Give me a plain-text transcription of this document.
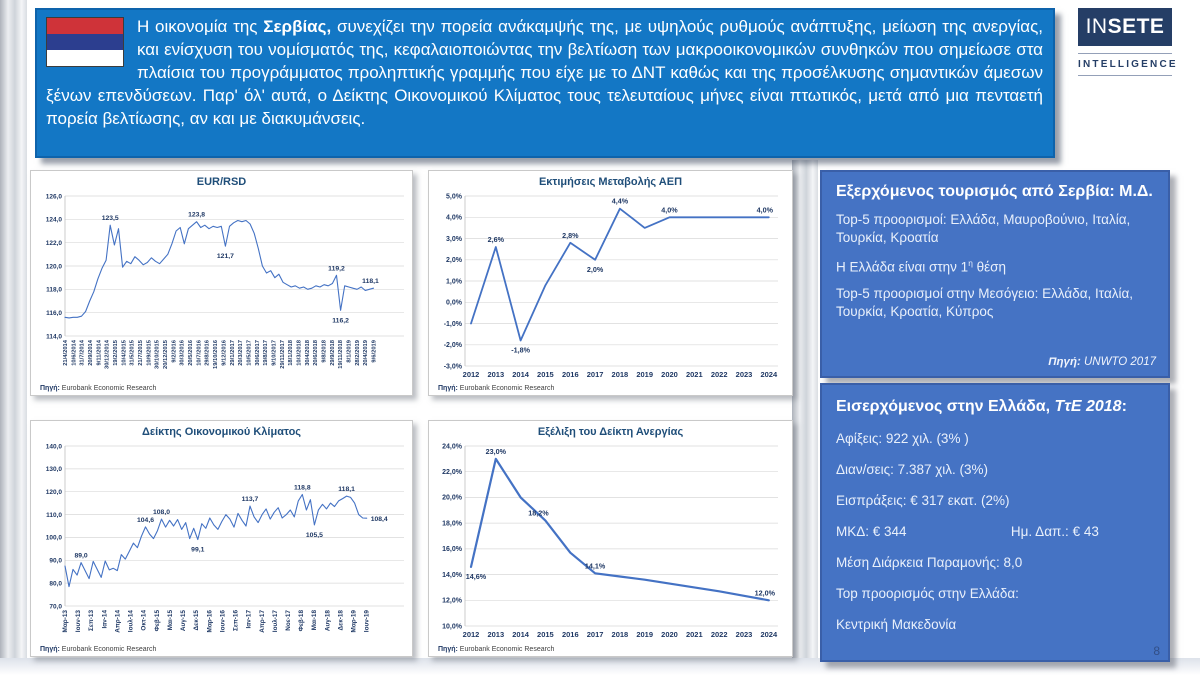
Η οικονομία της Σερβίας, συνεχίζει την πορεία ανάκαμψής της, με υψηλούς ρυθμούς ανάπτυξης, μείωση της ανεργίας, και ενίσχυση του νομίσματός της, κεφαλαιοποιώντας την βελτίωση των μακροοικονομικών συνθηκών που σημείωσε στα πλαίσια του προγράμματος προληπτικής γραμμής που είχε με το ΔΝΤ καθώς και της προσέλκυσης σημαντικών άμεσων ξένων επενδύσεων. Παρ' όλ' αυτά, ο Δείκτης Οικονομικού Κλίματος τους τελευταίους μήνες είναι πτωτικός, μετά από μια πενταετή πορεία βελτίωσης, αν και με διακυμάνσεις.

INSETE
INTELLIGENCE
EUR/RSD
126,0
124,0
122,0
120,0
118,0
116,0
114,0
21/4/2014 10/6/2014 31/7/2014 20/9/2014 9/11/2014 30/12/2014 19/2/2015 10/4/2015 31/5/2015 21/7/2015 10/9/2015 30/10/2015 20/12/2015 9/2/2016 30/3/2016 20/5/2016 10/7/2016 29/8/2016 19/10/2016 9/12/2016 29/1/2017 20/3/2017 10/5/2017 30/6/2017 19/8/2017 9/10/2017 29/11/2017 18/1/2018 10/3/2018 30/4/2018 20/6/2018 9/8/2018 29/9/2018 19/11/2018 8/1/2019 28/2/2019 20/4/2019 9/6/2019
123,5	123,8
121,7
119,2
116,2
118,1
Πηγή: Eurobank Economic Research
Εκτιμήσεις Μεταβολής ΑΕΠ
5,0%
4,0%
3,0%
2,0%
1,0%
0,0%
-1,0%
-2,0%
-3,0%
2012 2013 2014 2015 2016 2017 2018 2019 2020 2021 2022 2023 2024
2,6%
-1,8%
2,8%
2,0%
4,4%
4,0%	4,0%
Πηγή: Eurobank Economic Research
Δείκτης Οικονομικού Κλίματος
140,0
130,0
120,0
110,0
100,0
90,0
80,0
70,0
Μαρ-13 Ιουν-13 Σεπ-13 Ιαν-14 Απρ-14 Ιουλ-14 Οκτ-14 Φεβ-15 Μαι-15 Αυγ-15 Δεκ-15 Μαρ-16 Ιουν-16 Σεπ-16 Ιαν-17 Απρ-17 Ιουλ-17 Νοε-17 Φεβ-18 Μαι-18 Αυγ-18 Δεκ-18 Μαρ-19 Ιουν-19
89,0
104,6
108,0
99,1
113,7
118,8
105,5
118,1
108,4
Πηγή: Eurobank Economic Research
Εξέλιξη του Δείκτη Ανεργίας
24,0%
22,0%
20,0%
18,0%
16,0%
14,0%
12,0%
10,0%
2012 2013 2014 2015 2016 2017 2018 2019 2020 2021 2022 2023 2024
14,6%
23,0%
18,2%
14,1%
12,0%
Πηγή: Eurobank Economic Research
Εξερχόμενος τουρισμός από Σερβία: Μ.Δ.
Top-5 προορισμοί: Ελλάδα, Μαυροβούνιο, Ιταλία, Τουρκία, Κροατία
Η Ελλάδα είναι στην $1^\eta$ θέση
Top-5 προορισμοί στην Μεσόγειο: Ελλάδα, Ιταλία, Τουρκία, Κροατία, Κύπρος
Πηγή: UNWTO 2017
Εισερχόμενος στην Ελλάδα, ΤτΕ 2018:
Αφίξεις: 922 χιλ. (3% )
Διαν/σεις: 7.387 χιλ. (3%)
Εισπράξεις: € 317 εκατ. (2%)
ΜΚΔ: € 344	Ημ. Δαπ.: € 43
Μέση Διάρκεια Παραμονής: 8,0
Top προορισμός στην Ελλάδα:
Κεντρική Μακεδονία
8
